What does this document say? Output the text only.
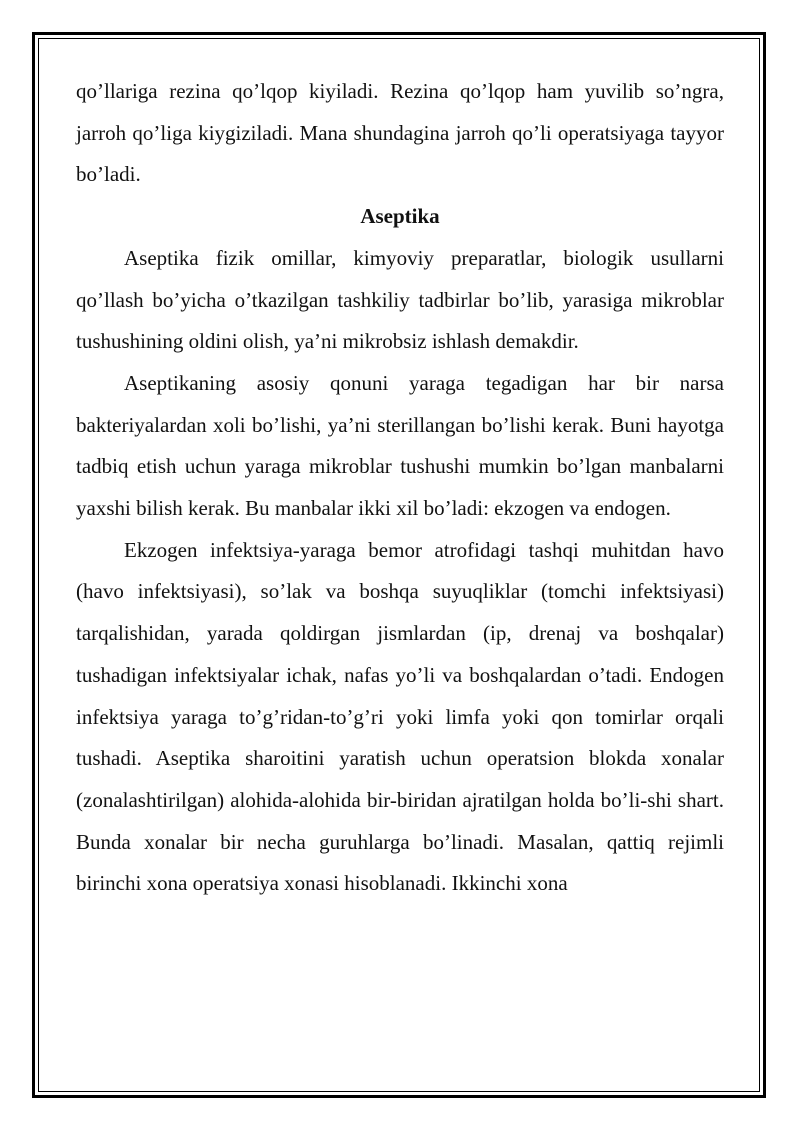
qo’llariga rezina qo’lqop kiyiladi. Rezina qo’lqop ham yuvilib so’ngra, jarroh qo’liga kiygiziladi. Mana shundagina jarroh qo’li operatsiyaga tayyor bo’ladi.

Aseptika

Aseptika fizik omillar, kimyoviy preparatlar, biologik usullarni qo’llash bo’yicha o’tkazilgan tashkiliy tadbirlar bo’lib, yarasiga mikroblar tushushining oldini olish, ya’ni mikrobsiz ishlash demakdir.

Aseptikaning asosiy qonuni yaraga tegadigan har bir narsa bakteriyalardan xoli bo’lishi, ya’ni sterillangan bo’lishi kerak. Buni hayotga tadbiq etish uchun yaraga mikroblar tushushi mumkin bo’lgan manbalarni yaxshi bilish kerak. Bu manbalar ikki xil bo’ladi: ekzogen va endogen.

Ekzogen infektsiya-yaraga bemor atrofidagi tashqi muhitdan havo (havo infektsiyasi), so’lak va boshqa suyuqliklar (tomchi infektsiyasi) tarqalishidan, yarada qoldirgan jismlardan (ip, drenaj va boshqalar) tushadigan infektsiyalar ichak, nafas yo’li va boshqalardan o’tadi. Endogen infektsiya yaraga to’g’ridan-to’g’ri yoki limfa yoki qon tomirlar orqali tushadi. Aseptika sharoitini yaratish uchun operatsion blokda xonalar (zonalashtirilgan) alohida-alohida bir-biridan ajratilgan holda bo’li-shi shart. Bunda xonalar bir necha guruhlarga bo’linadi. Masalan, qattiq rejimli birinchi xona operatsiya xonasi hisoblanadi. Ikkinchi xona
